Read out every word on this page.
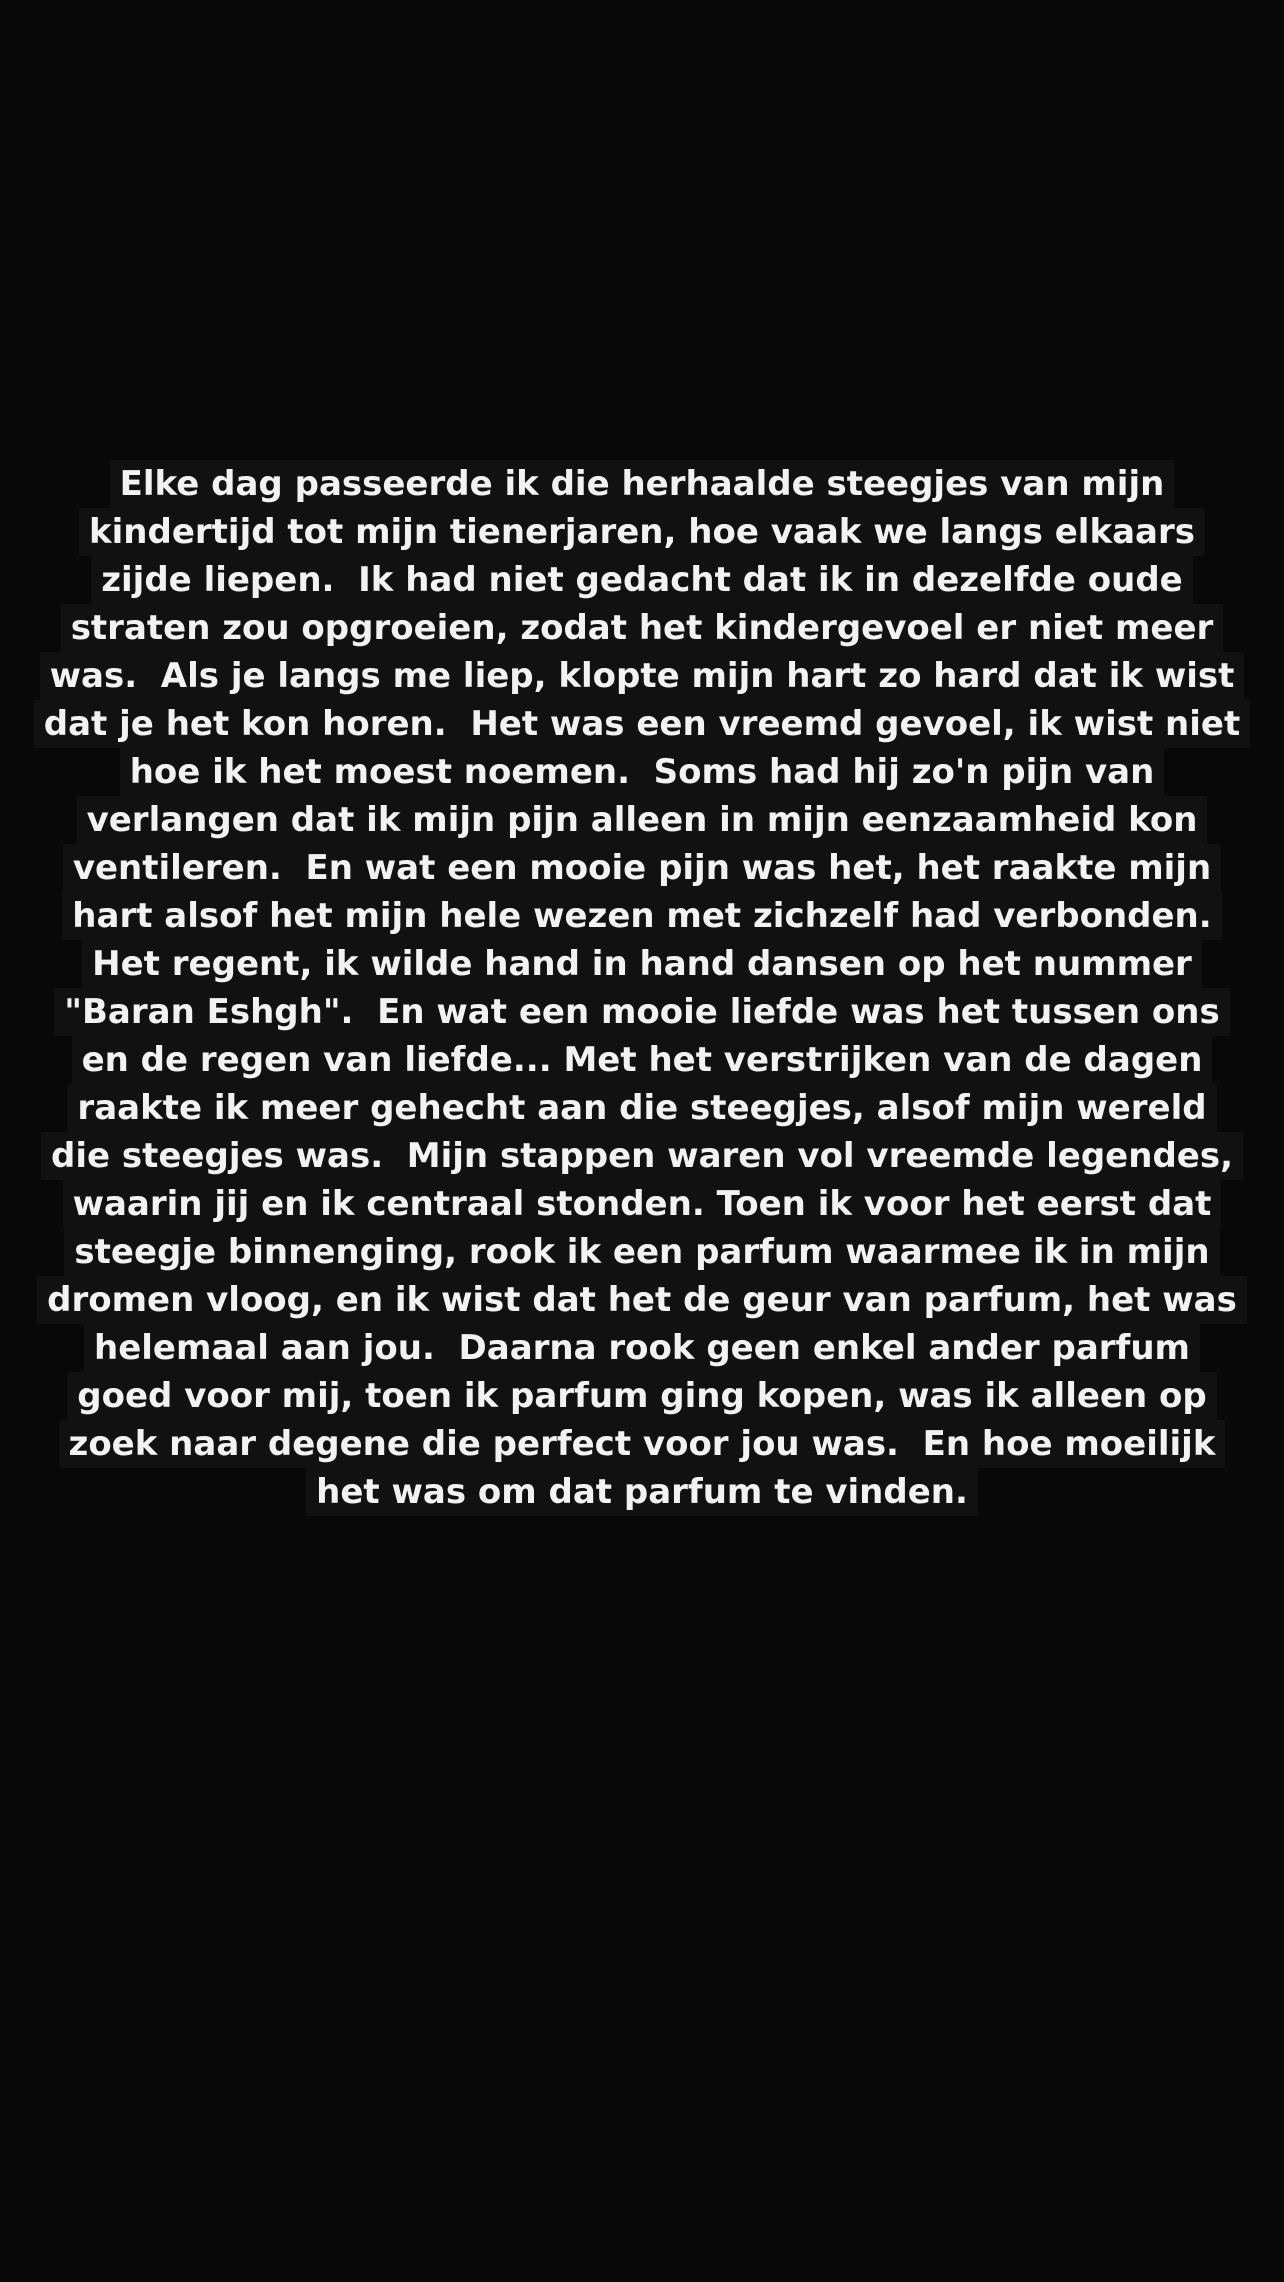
Elke dag passeerde ik die herhaalde steegjes van mijn
kindertijd tot mijn tienerjaren, hoe vaak we langs elkaars
zijde liepen.  Ik had niet gedacht dat ik in dezelfde oude
straten zou opgroeien, zodat het kindergevoel er niet meer
was.  Als je langs me liep, klopte mijn hart zo hard dat ik wist
dat je het kon horen.  Het was een vreemd gevoel, ik wist niet
hoe ik het moest noemen.  Soms had hij zo'n pijn van
verlangen dat ik mijn pijn alleen in mijn eenzaamheid kon
ventileren.  En wat een mooie pijn was het, het raakte mijn
hart alsof het mijn hele wezen met zichzelf had verbonden.
Het regent, ik wilde hand in hand dansen op het nummer
"Baran Eshgh".  En wat een mooie liefde was het tussen ons
en de regen van liefde... Met het verstrijken van de dagen
raakte ik meer gehecht aan die steegjes, alsof mijn wereld
die steegjes was.  Mijn stappen waren vol vreemde legendes,
waarin jij en ik centraal stonden. Toen ik voor het eerst dat
steegje binnenging, rook ik een parfum waarmee ik in mijn
dromen vloog, en ik wist dat het de geur van parfum, het was
helemaal aan jou.  Daarna rook geen enkel ander parfum
goed voor mij, toen ik parfum ging kopen, was ik alleen op
zoek naar degene die perfect voor jou was.  En hoe moeilijk
het was om dat parfum te vinden.
